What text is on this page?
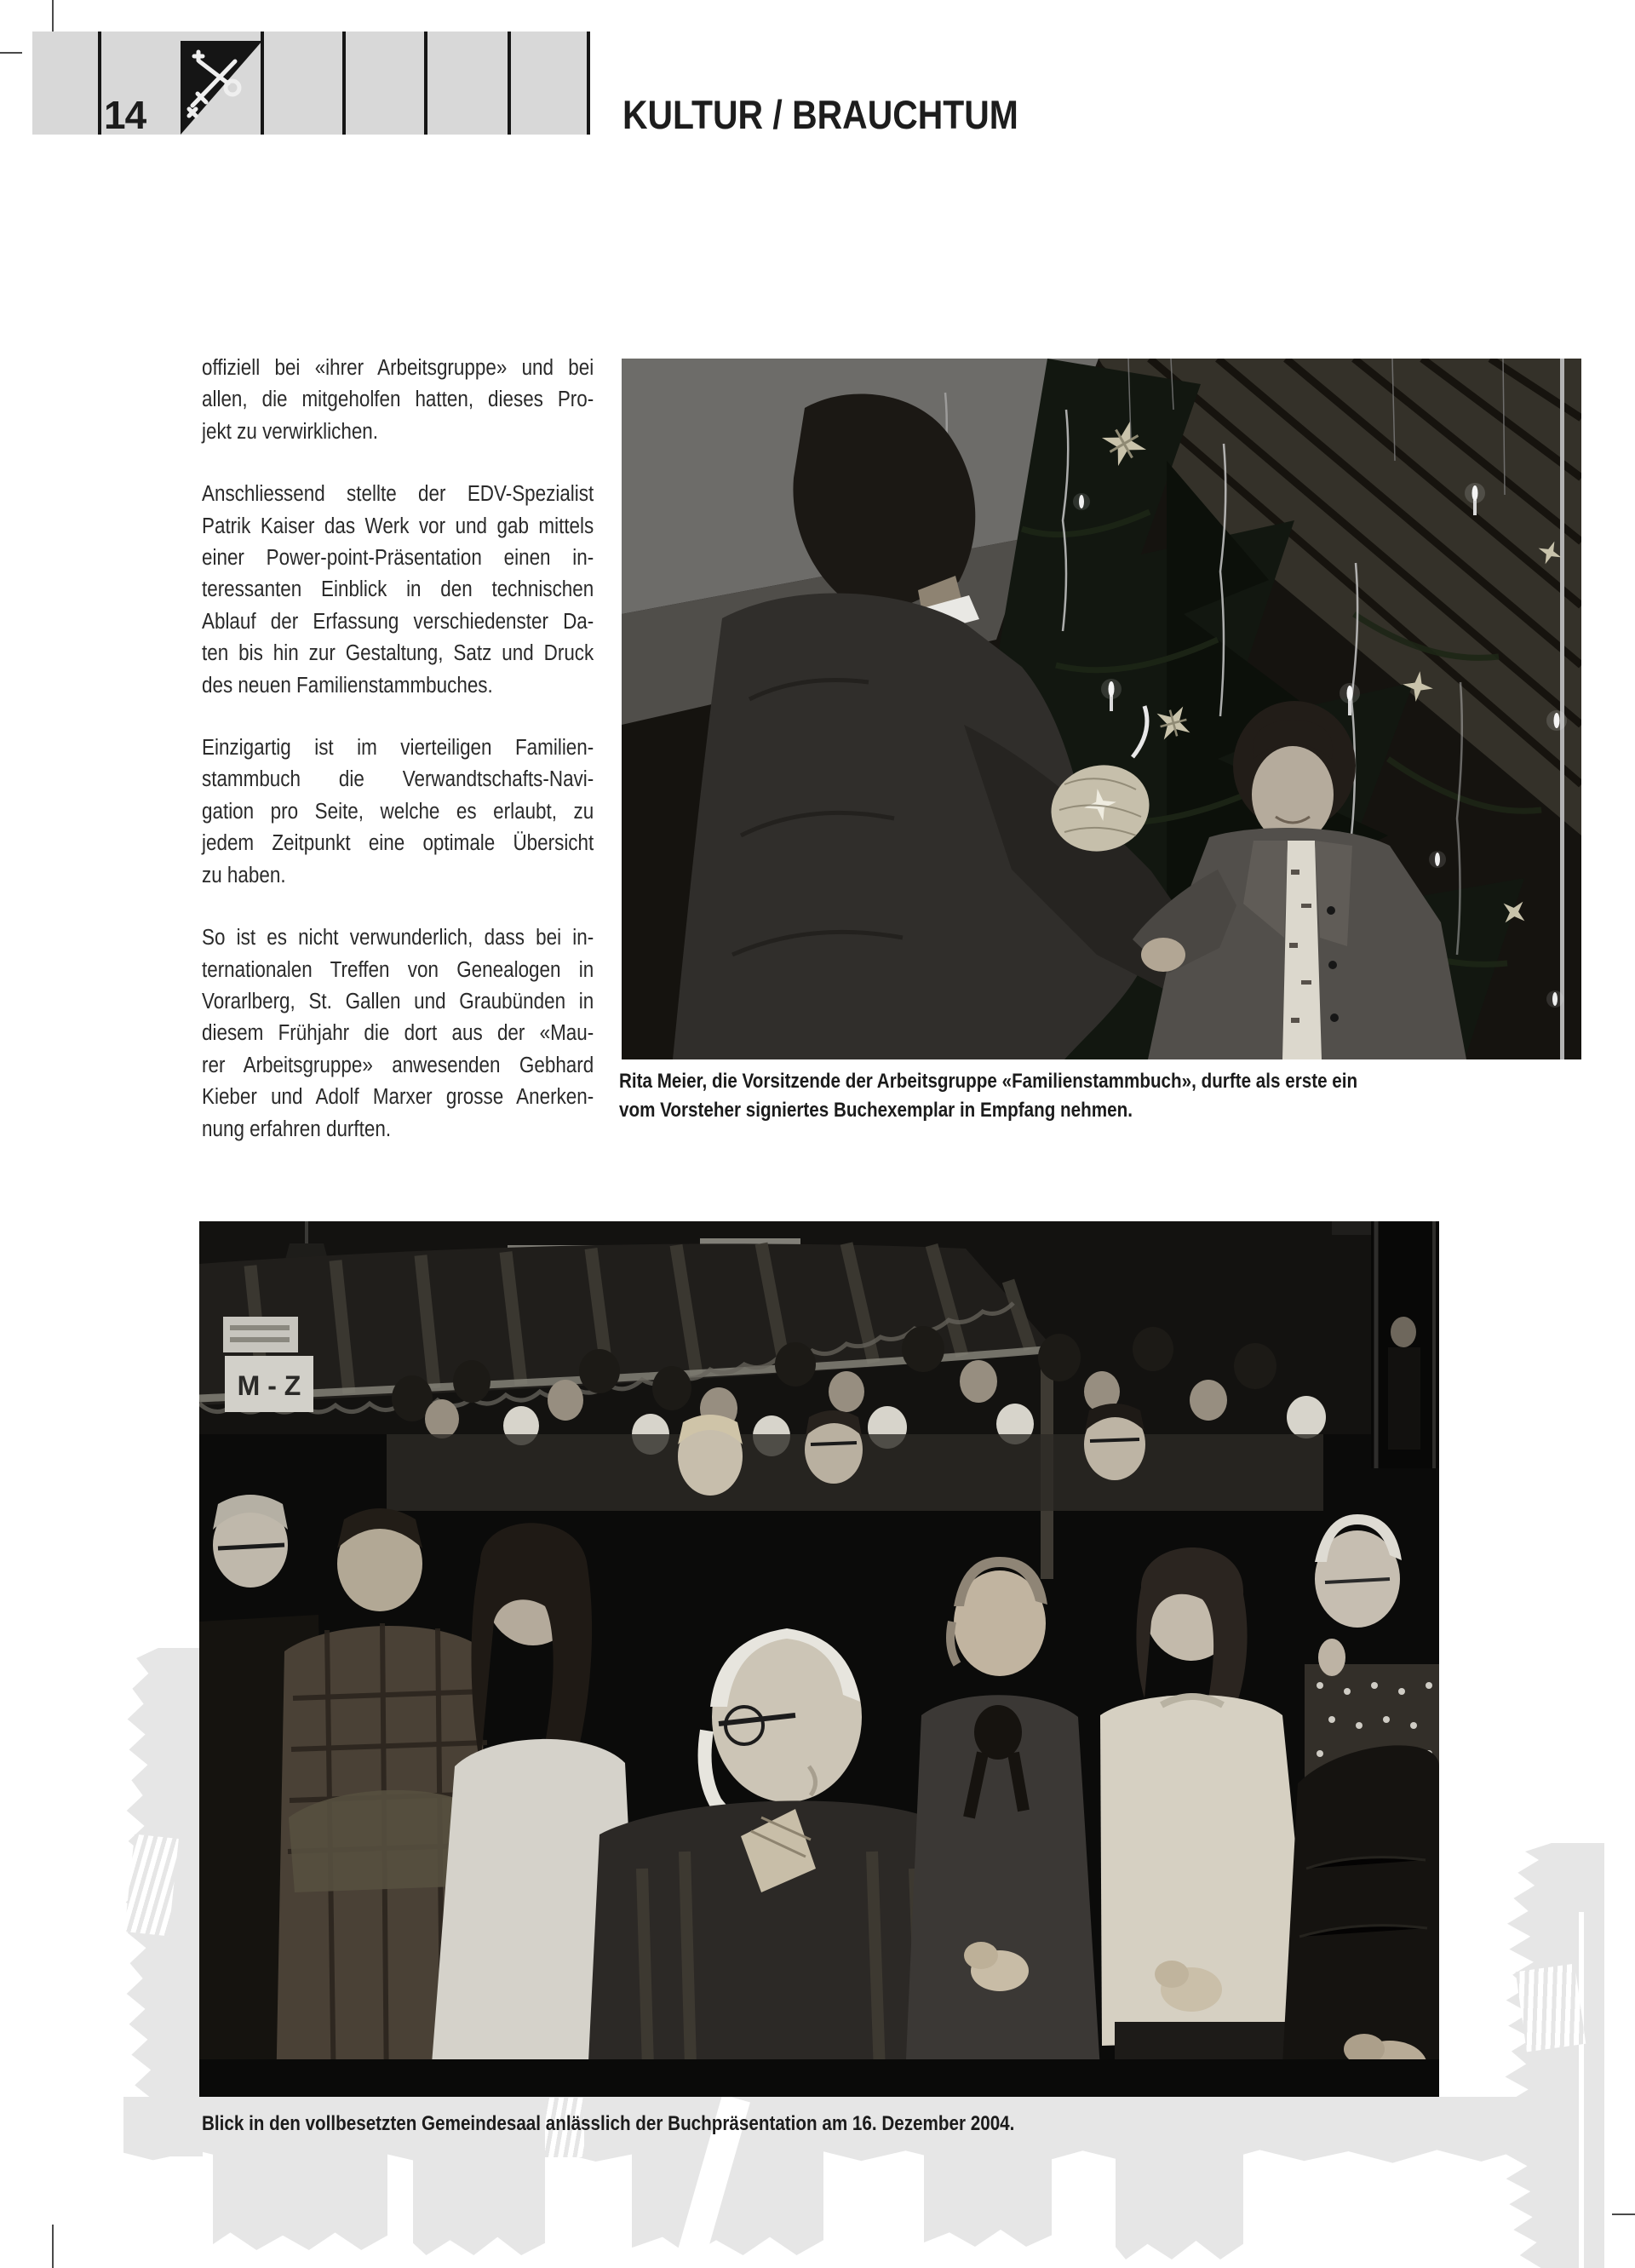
14	KULTUR / BRAUCHTUM
offiziell bei «ihrer Arbeitsgruppe» und bei
allen, die mitgeholfen hatten, dieses Pro-
jekt zu verwirklichen.
Anschliessend stellte der EDV-Spezialist
Patrik Kaiser das Werk vor und gab mittels
einer Power-point-Präsentation einen in-
teressanten Einblick in den technischen
Ablauf der Erfassung verschiedenster Da-
ten bis hin zur Gestaltung, Satz und Druck
des neuen Familienstammbuches.
Einzigartig ist im vierteiligen Familien-
stammbuch die Verwandtschafts-Navi-
gation pro Seite, welche es erlaubt, zu
jedem Zeitpunkt eine optimale Übersicht
zu haben.
So ist es nicht verwunderlich, dass bei in-
ternationalen Treffen von Genealogen in
Vorarlberg, St. Gallen und Graubünden in
diesem Frühjahr die dort aus der «Mau-
rer Arbeitsgruppe» anwesenden Gebhard
Kieber und Adolf Marxer grosse Anerken-
nung erfahren durften.
Rita Meier, die Vorsitzende der Arbeitsgruppe «Familienstammbuch», durfte als erste ein
vom Vorsteher signiertes Buchexemplar in Empfang nehmen.
M - Z
Blick in den vollbesetzten Gemeindesaal anlässlich der Buchpräsentation am 16. Dezember 2004.
